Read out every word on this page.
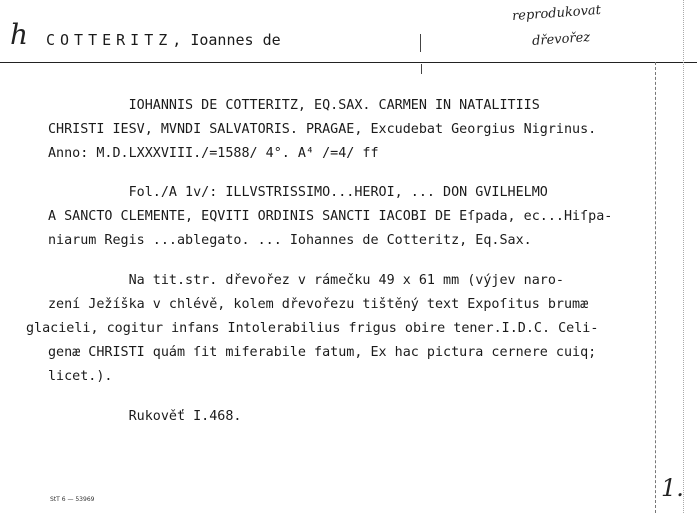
h COTTERITZ, Ioannes de
reprodukovat
dřevořez
IOHANNIS DE COTTERITZ, EQ.SAX. CARMEN IN NATALITIIS
CHRISTI IESV, MVNDI SALVATORIS. PRAGAE, Excudebat Georgius Nigrinus.
Anno: M.D.LXXXVIII./=1588/ 4°. A⁴ /=4/ ff
Fol./A 1v/: ILLVSTRISSIMO...HEROI, ... DON GVILHELMO
A SANCTO CLEMENTE, EQVITI ORDINIS SANCTI IACOBI DE Eſpada, ec...Hiſpa-
niarum Regis ...ablegato. ... Iohannes de Cotteritz, Eq.Sax.
Na tit.str. dřevořez v rámečku 49 x 61 mm (výjev naro-
zení Ježíška v chlévě, kolem dřevořezu tištěný text Expoſitus brumæ
glacieli, cogitur infans Intolerabilius frigus obire tener.I.D.C. Celi-
genæ CHRISTI quám ſit miferabile fatum, Ex hac pictura cernere cuiq;
licet.).
Rukověť I.468.
StT 6 — 53969	1.
